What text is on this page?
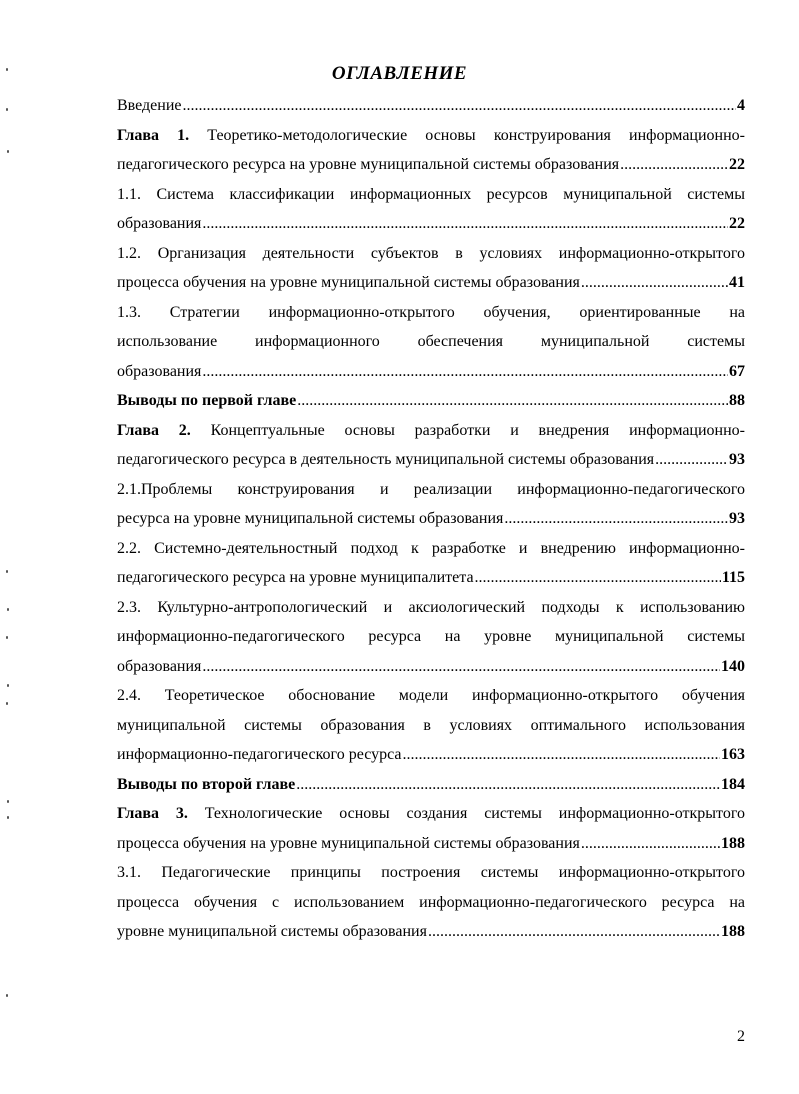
ОГЛАВЛЕНИЕ
Введение .....	4
Глава 1. Теоретико-методологические основы конструирования информационно-
педагогического ресурса на уровне муниципальной системы образования .....	22
1.1. Система классификации информационных ресурсов муниципальной системы
образования .....	22
1.2. Организация деятельности субъектов в условиях информационно-открытого
процесса обучения на уровне муниципальной системы образования .....	41
1.3. Стратегии информационно-открытого обучения, ориентированные на
использование информационного обеспечения муниципальной системы
образования .....	67
Выводы по первой главе .....	88
Глава 2. Концептуальные основы разработки и внедрения информационно-
педагогического ресурса в деятельность муниципальной системы образования .....	93
2.1.Проблемы конструирования и реализации информационно-педагогического
ресурса на уровне муниципальной системы образования .....	93
2.2. Системно-деятельностный подход к разработке и внедрению информационно-
педагогического ресурса на уровне муниципалитета .....	115
2.3. Культурно-антропологический и аксиологический подходы к использованию
информационно-педагогического ресурса на уровне муниципальной системы
образования .....	140
2.4. Теоретическое обоснование модели информационно-открытого обучения
муниципальной системы образования в условиях оптимального использования
информационно-педагогического ресурса .....	163
Выводы по второй главе .....	184
Глава 3. Технологические основы создания системы информационно-открытого
процесса обучения на уровне муниципальной системы образования .....	188
3.1. Педагогические принципы построения системы информационно-открытого
процесса обучения с использованием информационно-педагогического ресурса на
уровне муниципальной системы образования .....	188
2
